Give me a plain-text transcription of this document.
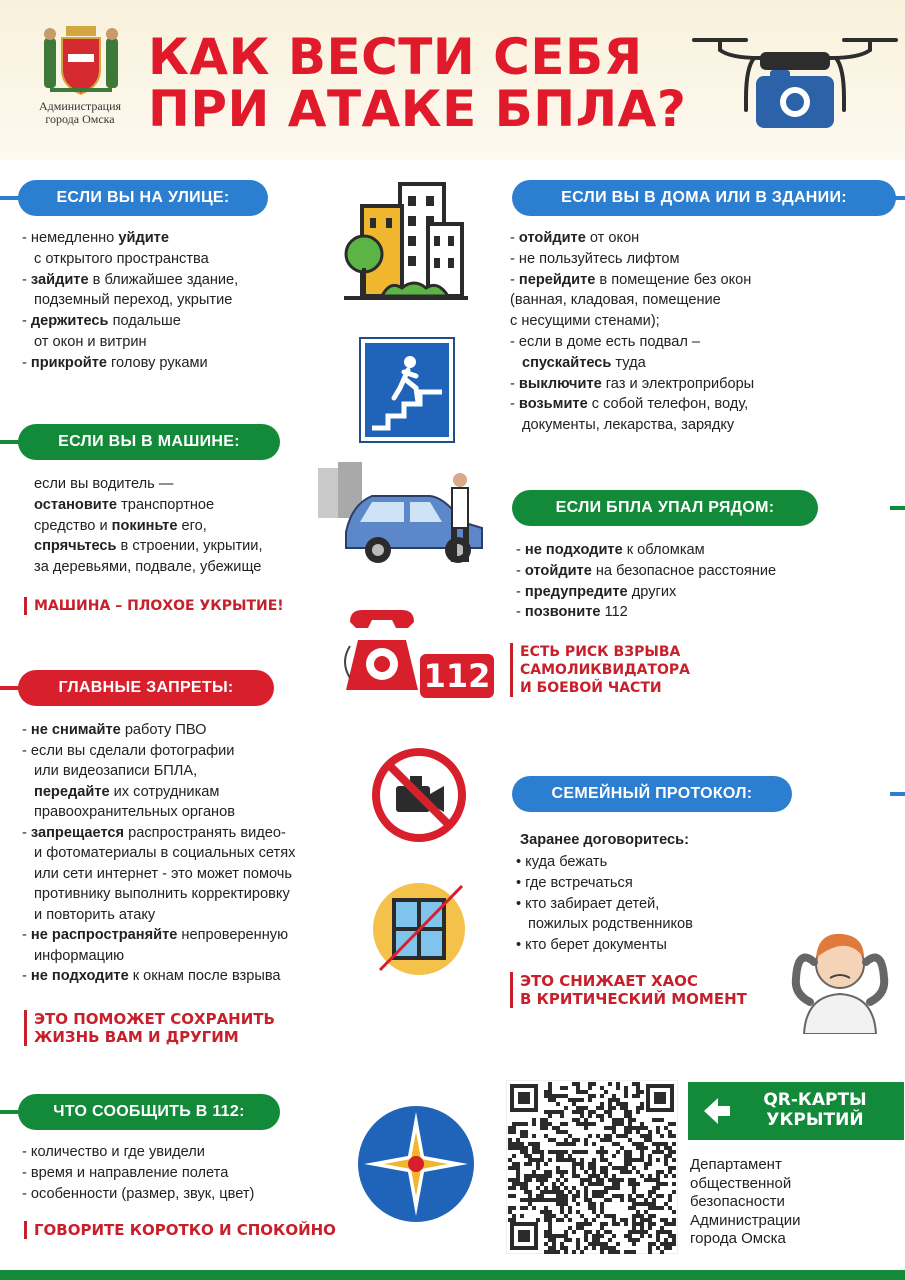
Администрация
города Омска
КАК ВЕСТИ СЕБЯ
ПРИ АТАКЕ БПЛА?
ЕСЛИ ВЫ НА УЛИЦЕ:
- немедленно уйдите
с открытого пространства
- зайдите в ближайшее здание,
подземный переход, укрытие
- держитесь подальше
от окон и витрин
- прикройте голову руками
ЕСЛИ ВЫ В ДОМА ИЛИ В ЗДАНИИ:
- отойдите от окон
- не пользуйтесь лифтом
- перейдите в помещение без окон
(ванная, кладовая, помещение
с несущими стенами);
- если в доме есть подвал –
спускайтесь туда
- выключите газ и электроприборы
- возьмите с собой телефон, воду,
документы, лекарства, зарядку
ЕСЛИ ВЫ В МАШИНЕ:
если вы водитель —
остановите транспортное
средство и покиньте его,
спрячьтесь в строении, укрытии,
за деревьями, подвале, убежище
МАШИНА – ПЛОХОЕ УКРЫТИЕ!
ЕСЛИ БПЛА УПАЛ РЯДОМ:
- не подходите к обломкам
- отойдите на безопасное расстояние
- предупредите других
- позвоните 112
ЕСТЬ РИСК ВЗРЫВА
САМОЛИКВИДАТОРА
И БОЕВОЙ ЧАСТИ
112
ГЛАВНЫЕ ЗАПРЕТЫ:
- не снимайте работу ПВО
- если вы сделали фотографии
или видеозаписи БПЛА,
передайте их сотрудникам
правоохранительных органов
- запрещается распространять видео-
и фотоматериалы в социальных сетях
или сети интернет - это может помочь
противнику выполнить корректировку
и повторить атаку
- не распространяйте непроверенную
информацию
- не подходите к окнам после взрыва
ЭТО ПОМОЖЕТ СОХРАНИТЬ
ЖИЗНЬ ВАМ И ДРУГИМ
СЕМЕЙНЫЙ ПРОТОКОЛ:
Заранее договоритесь:
• куда бежать
• где встречаться
• кто забирает детей,
пожилых родственников
• кто берет документы
ЭТО СНИЖАЕТ ХАОС
В КРИТИЧЕСКИЙ МОМЕНТ
ЧТО СООБЩИТЬ В 112:
- количество и где увидели
- время и направление полета
- особенности (размер, звук, цвет)
ГОВОРИТЕ КОРОТКО И СПОКОЙНО
QR-КАРТЫ
УКРЫТИЙ
Департамент
общественной
безопасности
Администрации
города Омска
